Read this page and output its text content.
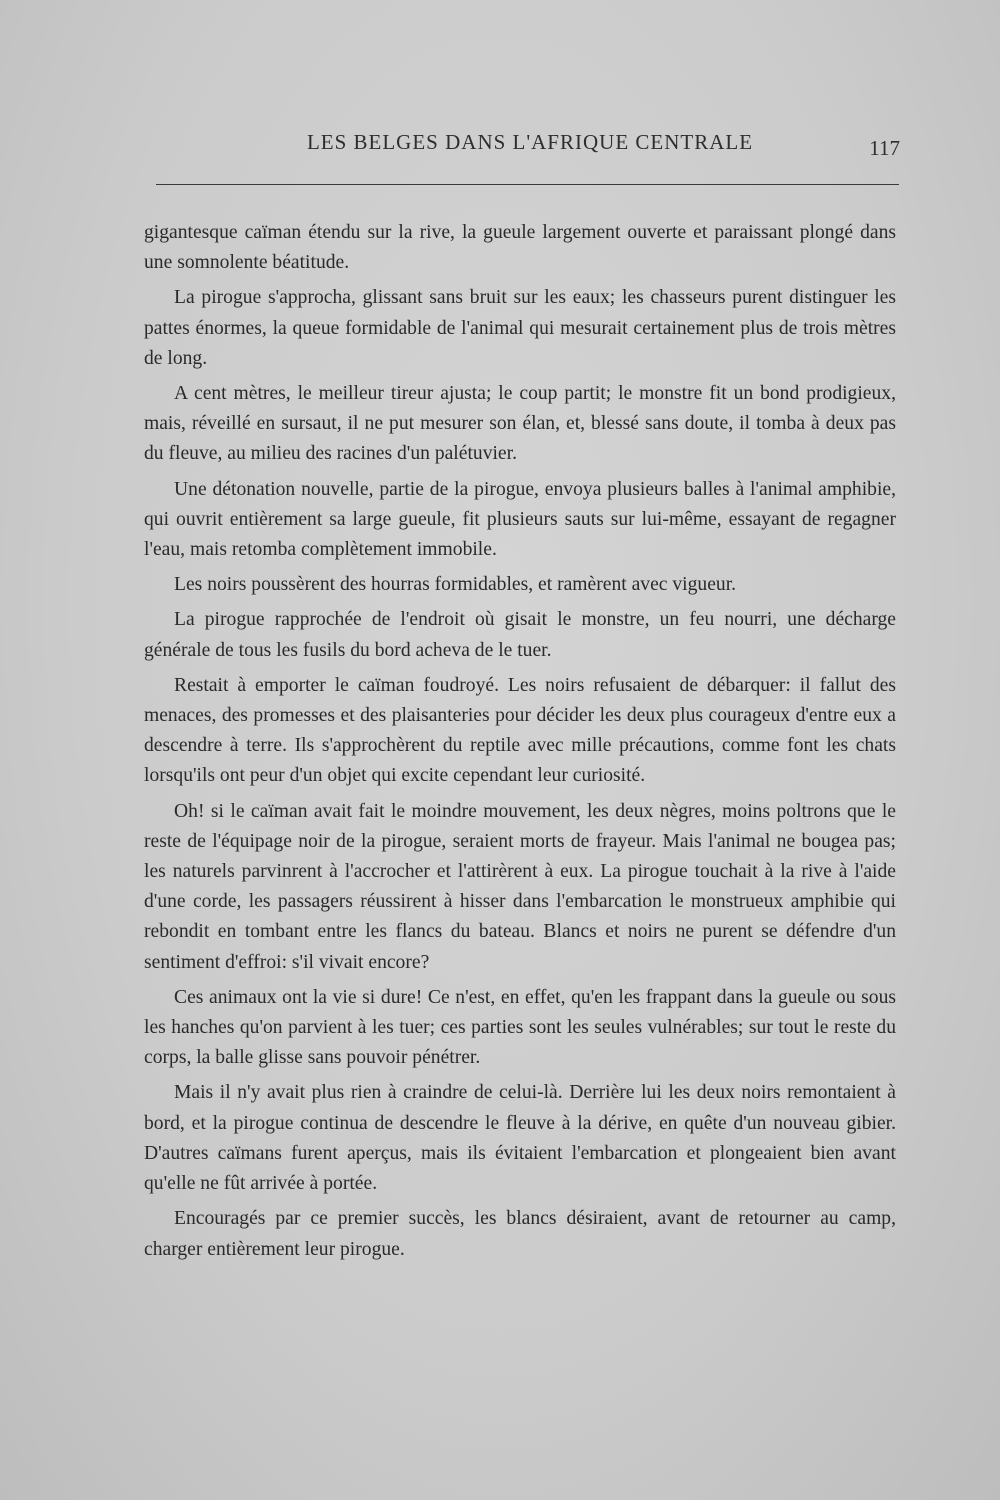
LES BELGES DANS L'AFRIQUE CENTRALE	117

gigantesque caïman étendu sur la rive, la gueule largement ouverte et paraissant plongé dans une somnolente béatitude.

La pirogue s'approcha, glissant sans bruit sur les eaux; les chasseurs purent distinguer les pattes énormes, la queue formidable de l'animal qui mesurait certainement plus de trois mètres de long.

A cent mètres, le meilleur tireur ajusta; le coup partit; le monstre fit un bond prodigieux, mais, réveillé en sursaut, il ne put mesurer son élan, et, blessé sans doute, il tomba à deux pas du fleuve, au milieu des racines d'un palétuvier.

Une détonation nouvelle, partie de la pirogue, envoya plusieurs balles à l'animal amphibie, qui ouvrit entièrement sa large gueule, fit plusieurs sauts sur lui-même, essayant de regagner l'eau, mais retomba complètement immobile.

Les noirs poussèrent des hourras formidables, et ramèrent avec vigueur.

La pirogue rapprochée de l'endroit où gisait le monstre, un feu nourri, une décharge générale de tous les fusils du bord acheva de le tuer.

Restait à emporter le caïman foudroyé. Les noirs refusaient de débarquer: il fallut des menaces, des promesses et des plaisanteries pour décider les deux plus courageux d'entre eux a descendre à terre. Ils s'approchèrent du reptile avec mille précautions, comme font les chats lorsqu'ils ont peur d'un objet qui excite cependant leur curiosité.

Oh! si le caïman avait fait le moindre mouvement, les deux nègres, moins poltrons que le reste de l'équipage noir de la pirogue, seraient morts de frayeur. Mais l'animal ne bougea pas; les naturels parvinrent à l'accrocher et l'attirèrent à eux. La pirogue touchait à la rive à l'aide d'une corde, les passagers réussirent à hisser dans l'embarcation le monstrueux amphibie qui rebondit en tombant entre les flancs du bateau. Blancs et noirs ne purent se défendre d'un sentiment d'effroi: s'il vivait encore?

Ces animaux ont la vie si dure! Ce n'est, en effet, qu'en les frappant dans la gueule ou sous les hanches qu'on parvient à les tuer; ces parties sont les seules vulnérables; sur tout le reste du corps, la balle glisse sans pouvoir pénétrer.

Mais il n'y avait plus rien à craindre de celui-là. Derrière lui les deux noirs remontaient à bord, et la pirogue continua de descendre le fleuve à la dérive, en quête d'un nouveau gibier. D'autres caïmans furent aperçus, mais ils évitaient l'embarcation et plongeaient bien avant qu'elle ne fût arrivée à portée.

Encouragés par ce premier succès, les blancs désiraient, avant de retourner au camp, charger entièrement leur pirogue.
